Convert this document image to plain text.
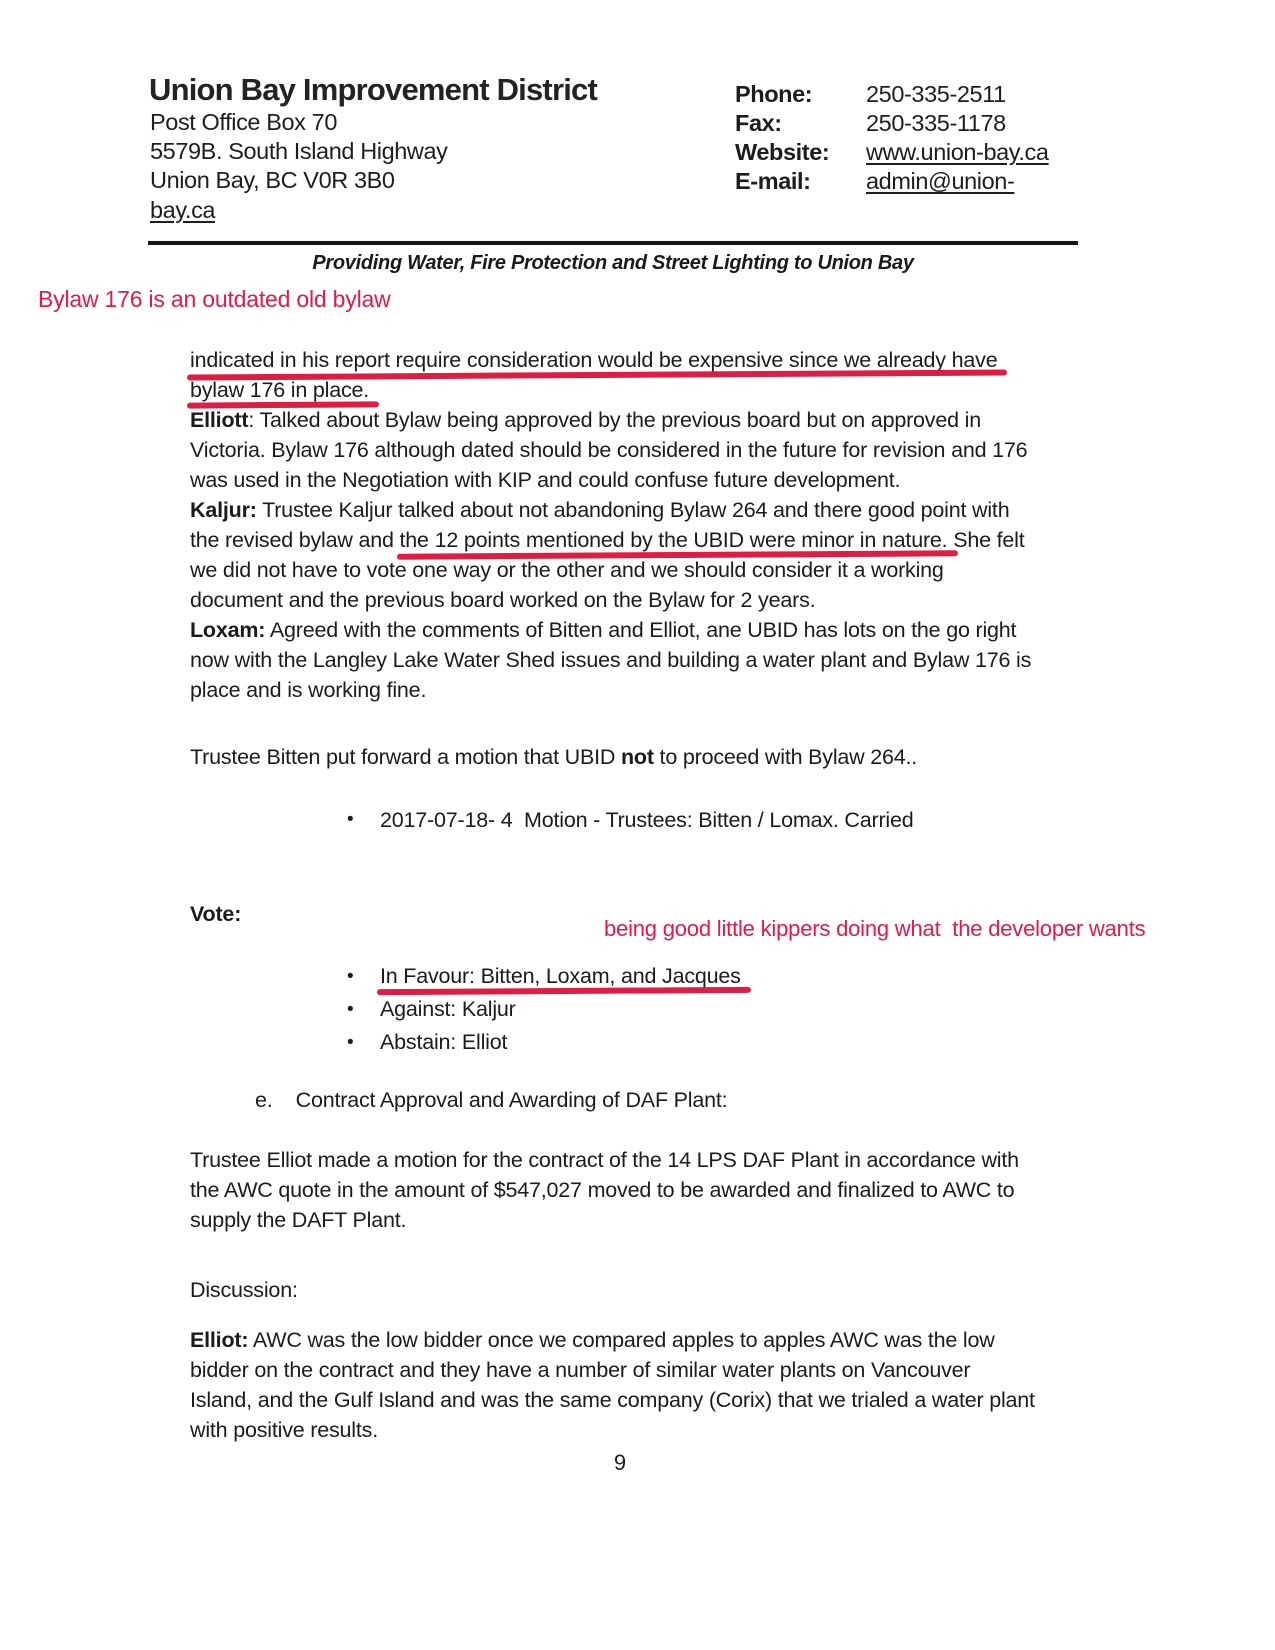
Union Bay Improvement District
Post Office Box 70
5579B. South Island Highway
Union Bay, BC V0R 3B0
bay.ca
Phone:
Fax:
Website:
E-mail:
250-335-2511
250-335-1178
www.union-bay.ca
admin@union-
Providing Water, Fire Protection and Street Lighting to Union Bay
Bylaw 176 is an outdated old bylaw
being good little kippers doing what  the developer wants
indicated in his report require consideration would be expensive since we already have
bylaw 176 in place.
Elliott: Talked about Bylaw being approved by the previous board but on approved in
Victoria. Bylaw 176 although dated should be considered in the future for revision and 176
was used in the Negotiation with KIP and could confuse future development.
Kaljur: Trustee Kaljur talked about not abandoning Bylaw 264 and there good point with
the revised bylaw and the 12 points mentioned by the UBID were minor in nature. She felt
we did not have to vote one way or the other and we should consider it a working
document and the previous board worked on the Bylaw for 2 years.
Loxam: Agreed with the comments of Bitten and Elliot, ane UBID has lots on the go right
now with the Langley Lake Water Shed issues and building a water plant and Bylaw 176 is
place and is working fine.
Trustee Bitten put forward a motion that UBID not to proceed with Bylaw 264..
• 2017-07-18- 4  Motion - Trustees: Bitten / Lomax. Carried
Vote:
• In Favour: Bitten, Loxam, and Jacques
• Against: Kaljur
• Abstain: Elliot
e.    Contract Approval and Awarding of DAF Plant:
Trustee Elliot made a motion for the contract of the 14 LPS DAF Plant in accordance with
the AWC quote in the amount of $547,027 moved to be awarded and finalized to AWC to
supply the DAFT Plant.
Discussion:
Elliot: AWC was the low bidder once we compared apples to apples AWC was the low
bidder on the contract and they have a number of similar water plants on Vancouver
Island, and the Gulf Island and was the same company (Corix) that we trialed a water plant
with positive results.
9
